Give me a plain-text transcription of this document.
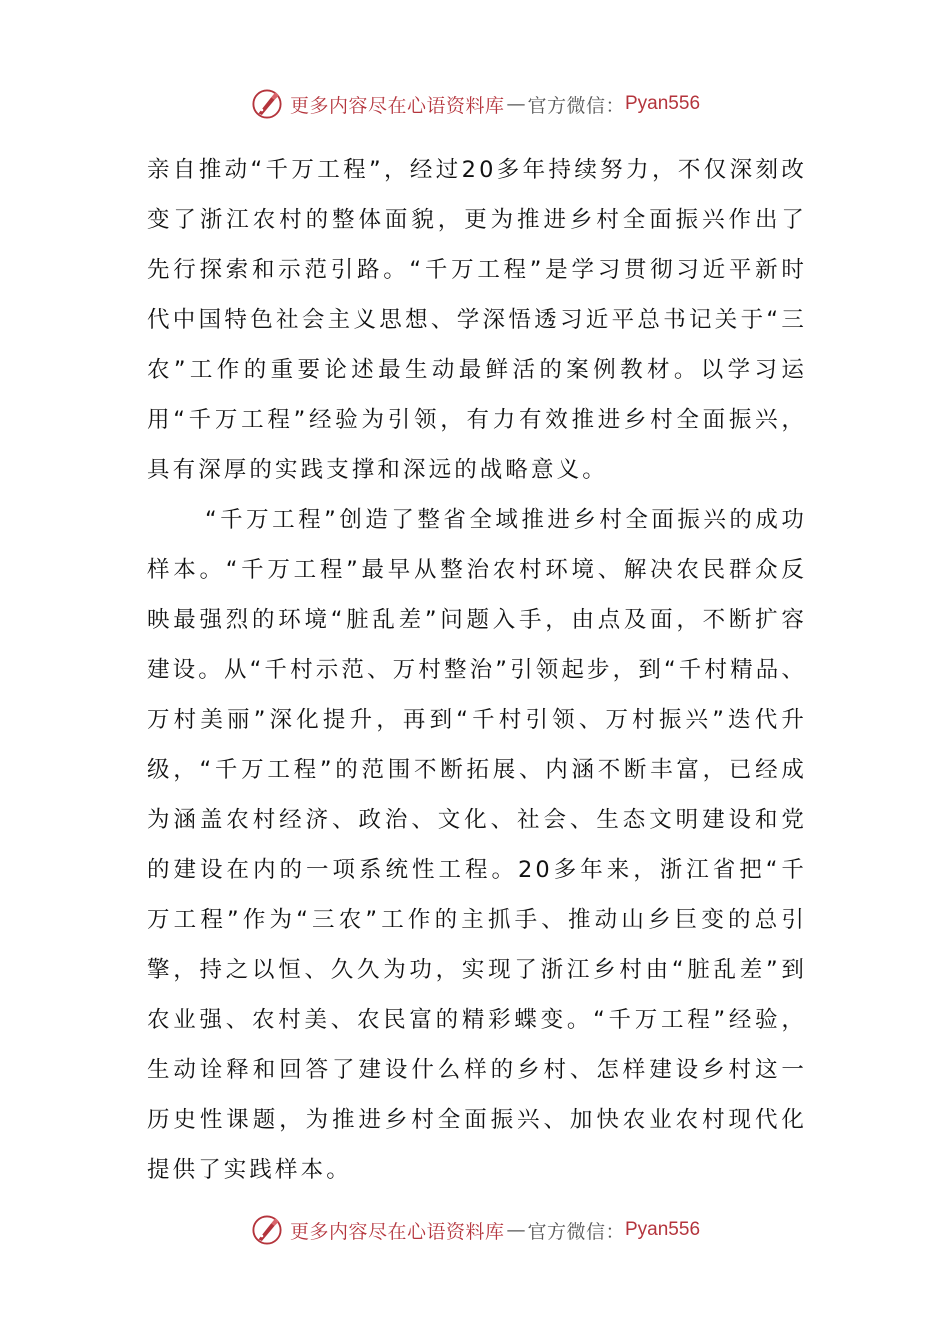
更多内容尽在心语资料库 — 官方微信： Pyan556

亲自推动“千万工程”，经过20多年持续努力，不仅深刻改变了浙江农村的整体面貌，更为推进乡村全面振兴作出了先行探索和示范引路。“千万工程”是学习贯彻习近平新时代中国特色社会主义思想、学深悟透习近平总书记关于“三农”工作的重要论述最生动最鲜活的案例教材。以学习运用“千万工程”经验为引领，有力有效推进乡村全面振兴，具有深厚的实践支撑和深远的战略意义。

“千万工程”创造了整省全域推进乡村全面振兴的成功样本。“千万工程”最早从整治农村环境、解决农民群众反映最强烈的环境“脏乱差”问题入手，由点及面，不断扩容建设。从“千村示范、万村整治”引领起步，到“千村精品、万村美丽”深化提升，再到“千村引领、万村振兴”迭代升级，“千万工程”的范围不断拓展、内涵不断丰富，已经成为涵盖农村经济、政治、文化、社会、生态文明建设和党的建设在内的一项系统性工程。20多年来，浙江省把“千万工程”作为“三农”工作的主抓手、推动山乡巨变的总引擎，持之以恒、久久为功，实现了浙江乡村由“脏乱差”到农业强、农村美、农民富的精彩蝶变。“千万工程”经验，生动诠释和回答了建设什么样的乡村、怎样建设乡村这一历史性课题，为推进乡村全面振兴、加快农业农村现代化提供了实践样本。

更多内容尽在心语资料库 — 官方微信： Pyan556
